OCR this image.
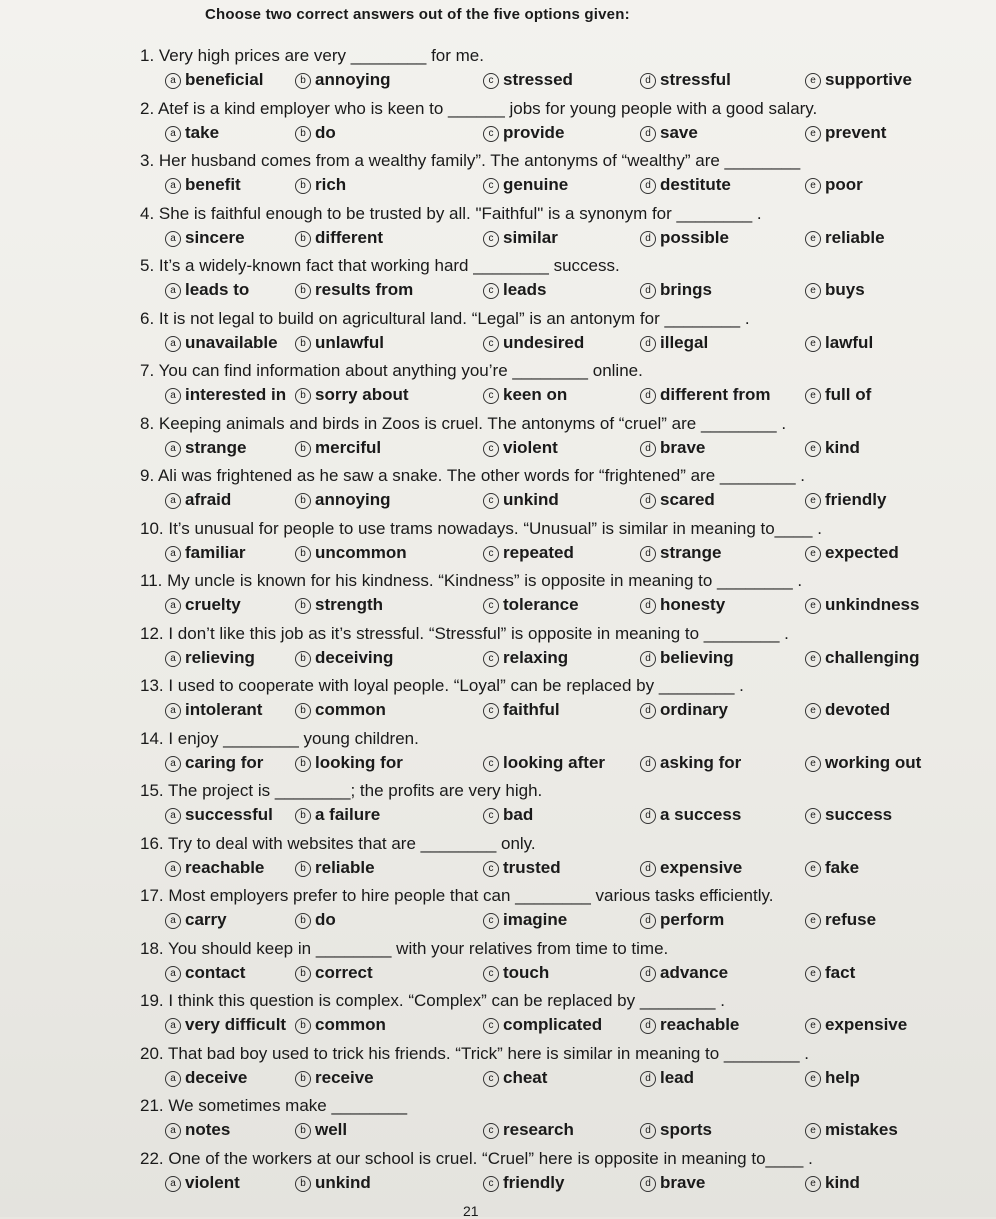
Choose two correct answers out of the five options given:
1. Very high prices are very ________ for me.
a beneficial	b annoying	c stressed	d stressful	e supportive
2. Atef is a kind employer who is keen to ______ jobs for young people with a good salary.
a take	b do	c provide	d save	e prevent
3. Her husband comes from a wealthy family”. The antonyms of “wealthy” are ________
a benefit	b rich	c genuine	d destitute	e poor
4. She is faithful enough to be trusted by all. "Faithful" is a synonym for ________ .
a sincere	b different	c similar	d possible	e reliable
5. It’s a widely-known fact that working hard ________ success.
a leads to	b results from	c leads	d brings	e buys
6. It is not legal to build on agricultural land. “Legal” is an antonym for ________ .
a unavailable	b unlawful	c undesired	d illegal	e lawful
7. You can find information about anything you’re ________ online.
a interested in	b sorry about	c keen on	d different from	e full of
8. Keeping animals and birds in Zoos is cruel. The antonyms of “cruel” are ________ .
a strange	b merciful	c violent	d brave	e kind
9. Ali was frightened as he saw a snake. The other words for “frightened” are ________ .
a afraid	b annoying	c unkind	d scared	e friendly
10. It’s unusual for people to use trams nowadays. “Unusual” is similar in meaning to____ .
a familiar	b uncommon	c repeated	d strange	e expected
11. My uncle is known for his kindness. “Kindness” is opposite in meaning to ________ .
a cruelty	b strength	c tolerance	d honesty	e unkindness
12. I don’t like this job as it’s stressful. “Stressful” is opposite in meaning to ________ .
a relieving	b deceiving	c relaxing	d believing	e challenging
13. I used to cooperate with loyal people. “Loyal” can be replaced by ________ .
a intolerant	b common	c faithful	d ordinary	e devoted
14. I enjoy ________ young children.
a caring for	b looking for	c looking after	d asking for	e working out
15. The project is ________; the profits are very high.
a successful	b a failure	c bad	d a success	e success
16. Try to deal with websites that are ________ only.
a reachable	b reliable	c trusted	d expensive	e fake
17. Most employers prefer to hire people that can ________ various tasks efficiently.
a carry	b do	c imagine	d perform	e refuse
18. You should keep in ________ with your relatives from time to time.
a contact	b correct	c touch	d advance	e fact
19. I think this question is complex. “Complex” can be replaced by ________ .
a very difficult	b common	c complicated	d reachable	e expensive
20. That bad boy used to trick his friends. “Trick” here is similar in meaning to ________ .
a deceive	b receive	c cheat	d lead	e help
21. We sometimes make ________
a notes	b well	c research	d sports	e mistakes
22. One of the workers at our school is cruel. “Cruel” here is opposite in meaning to____ .
a violent	b unkind	c friendly	d brave	e kind
21
